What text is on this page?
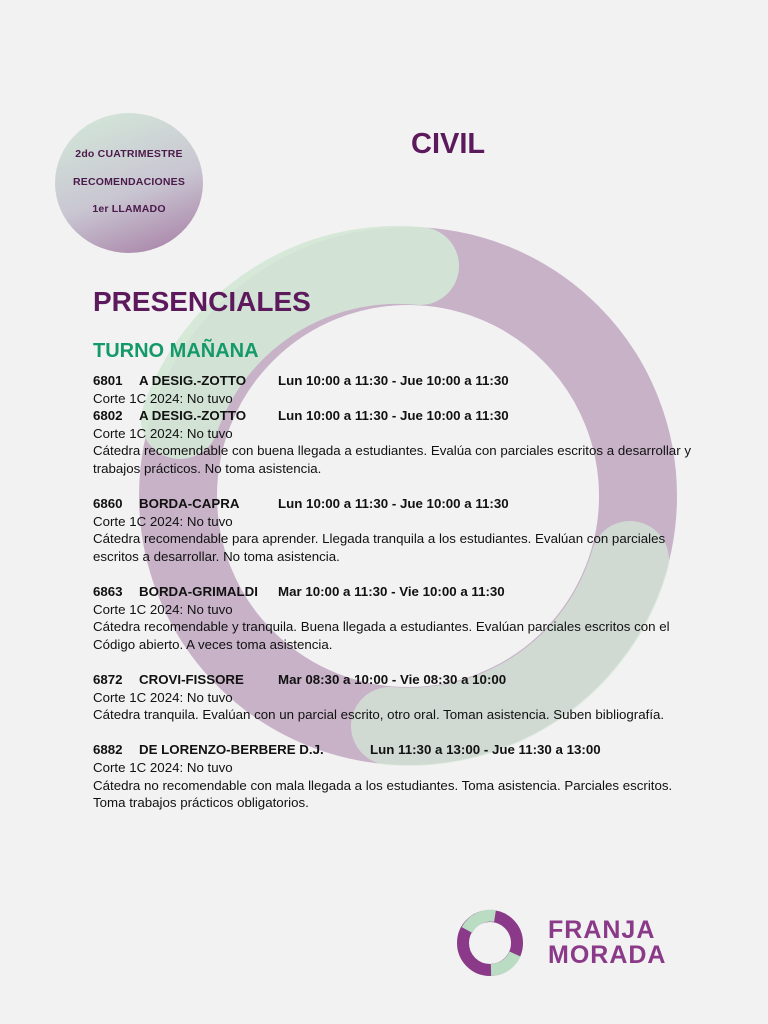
2do CUATRIMESTRE
RECOMENDACIONES
1er LLAMADO
CIVIL
PRESENCIALES
TURNO MAÑANA
6801 A DESIG.-ZOTTO Lun 10:00 a 11:30 - Jue 10:00 a 11:30

Corte 1C 2024: No tuvo

6802 A DESIG.-ZOTTO Lun 10:00 a 11:30 - Jue 10:00 a 11:30

Corte 1C 2024: No tuvo

Cátedra recomendable con buena llegada a estudiantes. Evalúa con parciales escritos a desarrollar y trabajos prácticos. No toma asistencia.

6860 BORDA-CAPRA	Lun 10:00 a 11:30 - Jue 10:00 a 11:30

Corte 1C 2024: No tuvo

Cátedra recomendable para aprender. Llegada tranquila a los estudiantes. Evalúan con parciales escritos a desarrollar. No toma asistencia.

6863 BORDA-GRIMALDI Mar 10:00 a 11:30 - Vie 10:00 a 11:30

Corte 1C 2024: No tuvo

Cátedra recomendable y tranquila. Buena llegada a estudiantes. Evalúan parciales escritos con el Código abierto. A veces toma asistencia.

6872 CROVI-FISSORE	Mar 08:30 a 10:00 - Vie 08:30 a 10:00

Corte 1C 2024: No tuvo

Cátedra tranquila. Evalúan con un parcial escrito, otro oral. Toman asistencia. Suben bibliografía.

6882 DE LORENZO-BERBERE D.J.	Lun 11:30 a 13:00 - Jue 11:30 a 13:00

Corte 1C 2024: No tuvo

Cátedra no recomendable con mala llegada a los estudiantes. Toma asistencia. Parciales escritos. Toma trabajos prácticos obligatorios.

FRANJA
MORADA
